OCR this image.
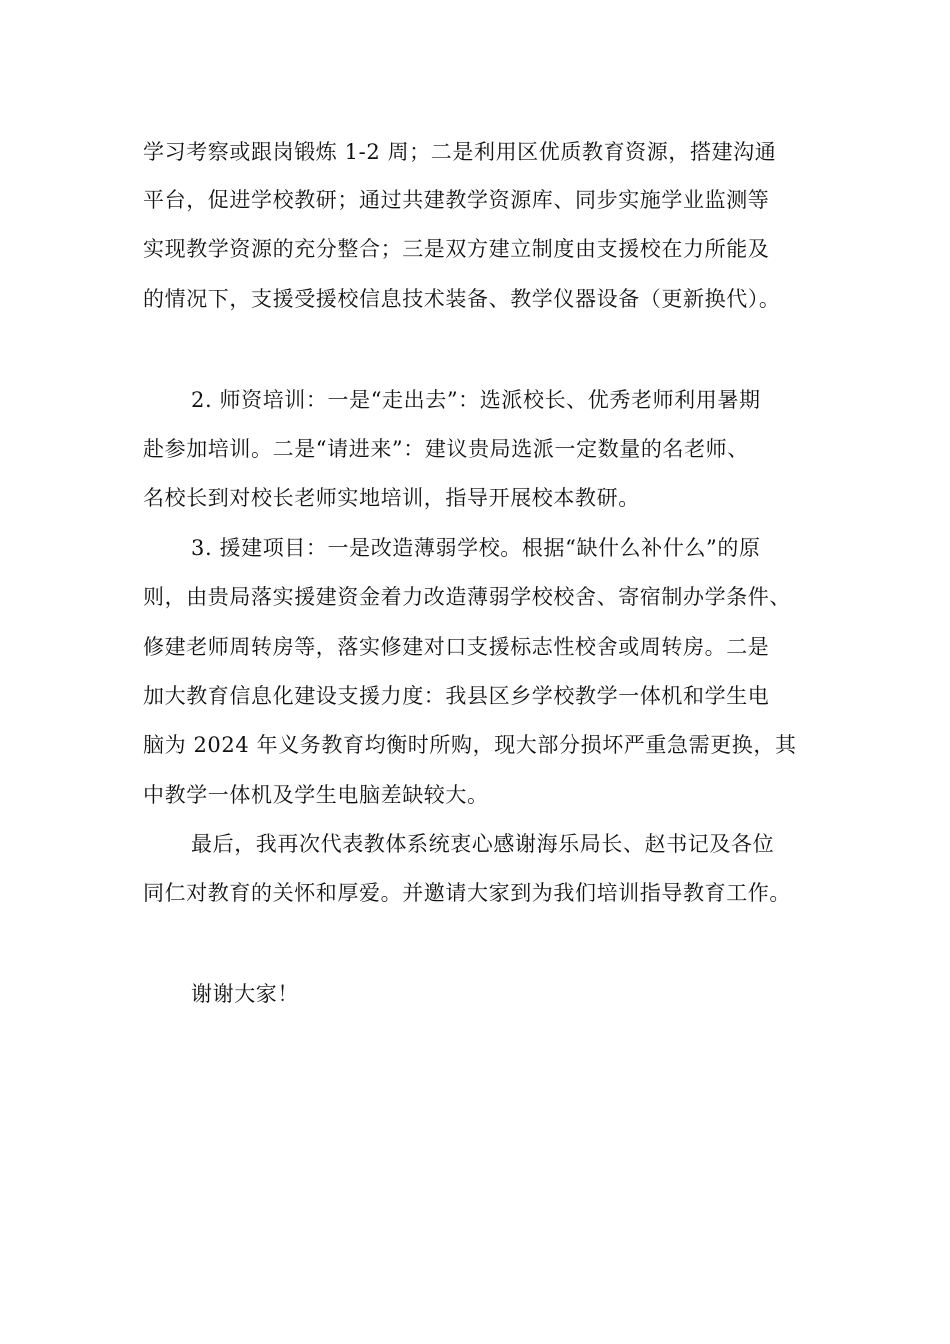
学习考察或跟岗锻炼 1-2 周；二是利用区优质教育资源，搭建沟通
平台，促进学校教研；通过共建教学资源库、同步实施学业监测等
实现教学资源的充分整合；三是双方建立制度由支援校在力所能及
的情况下，支援受援校信息技术装备、教学仪器设备（更新换代）。
2. 师资培训：一是“走出去”：选派校长、优秀老师利用暑期
赴参加培训。二是“请进来”：建议贵局选派一定数量的名老师、
名校长到对校长老师实地培训，指导开展校本教研。
3. 援建项目：一是改造薄弱学校。根据“缺什么补什么”的原
则，由贵局落实援建资金着力改造薄弱学校校舍、寄宿制办学条件、
修建老师周转房等，落实修建对口支援标志性校舍或周转房。二是
加大教育信息化建设支援力度：我县区乡学校教学一体机和学生电
脑为 2024 年义务教育均衡时所购，现大部分损坏严重急需更换，其
中教学一体机及学生电脑差缺较大。
最后，我再次代表教体系统衷心感谢海乐局长、赵书记及各位
同仁对教育的关怀和厚爱。并邀请大家到为我们培训指导教育工作。
谢谢大家！
